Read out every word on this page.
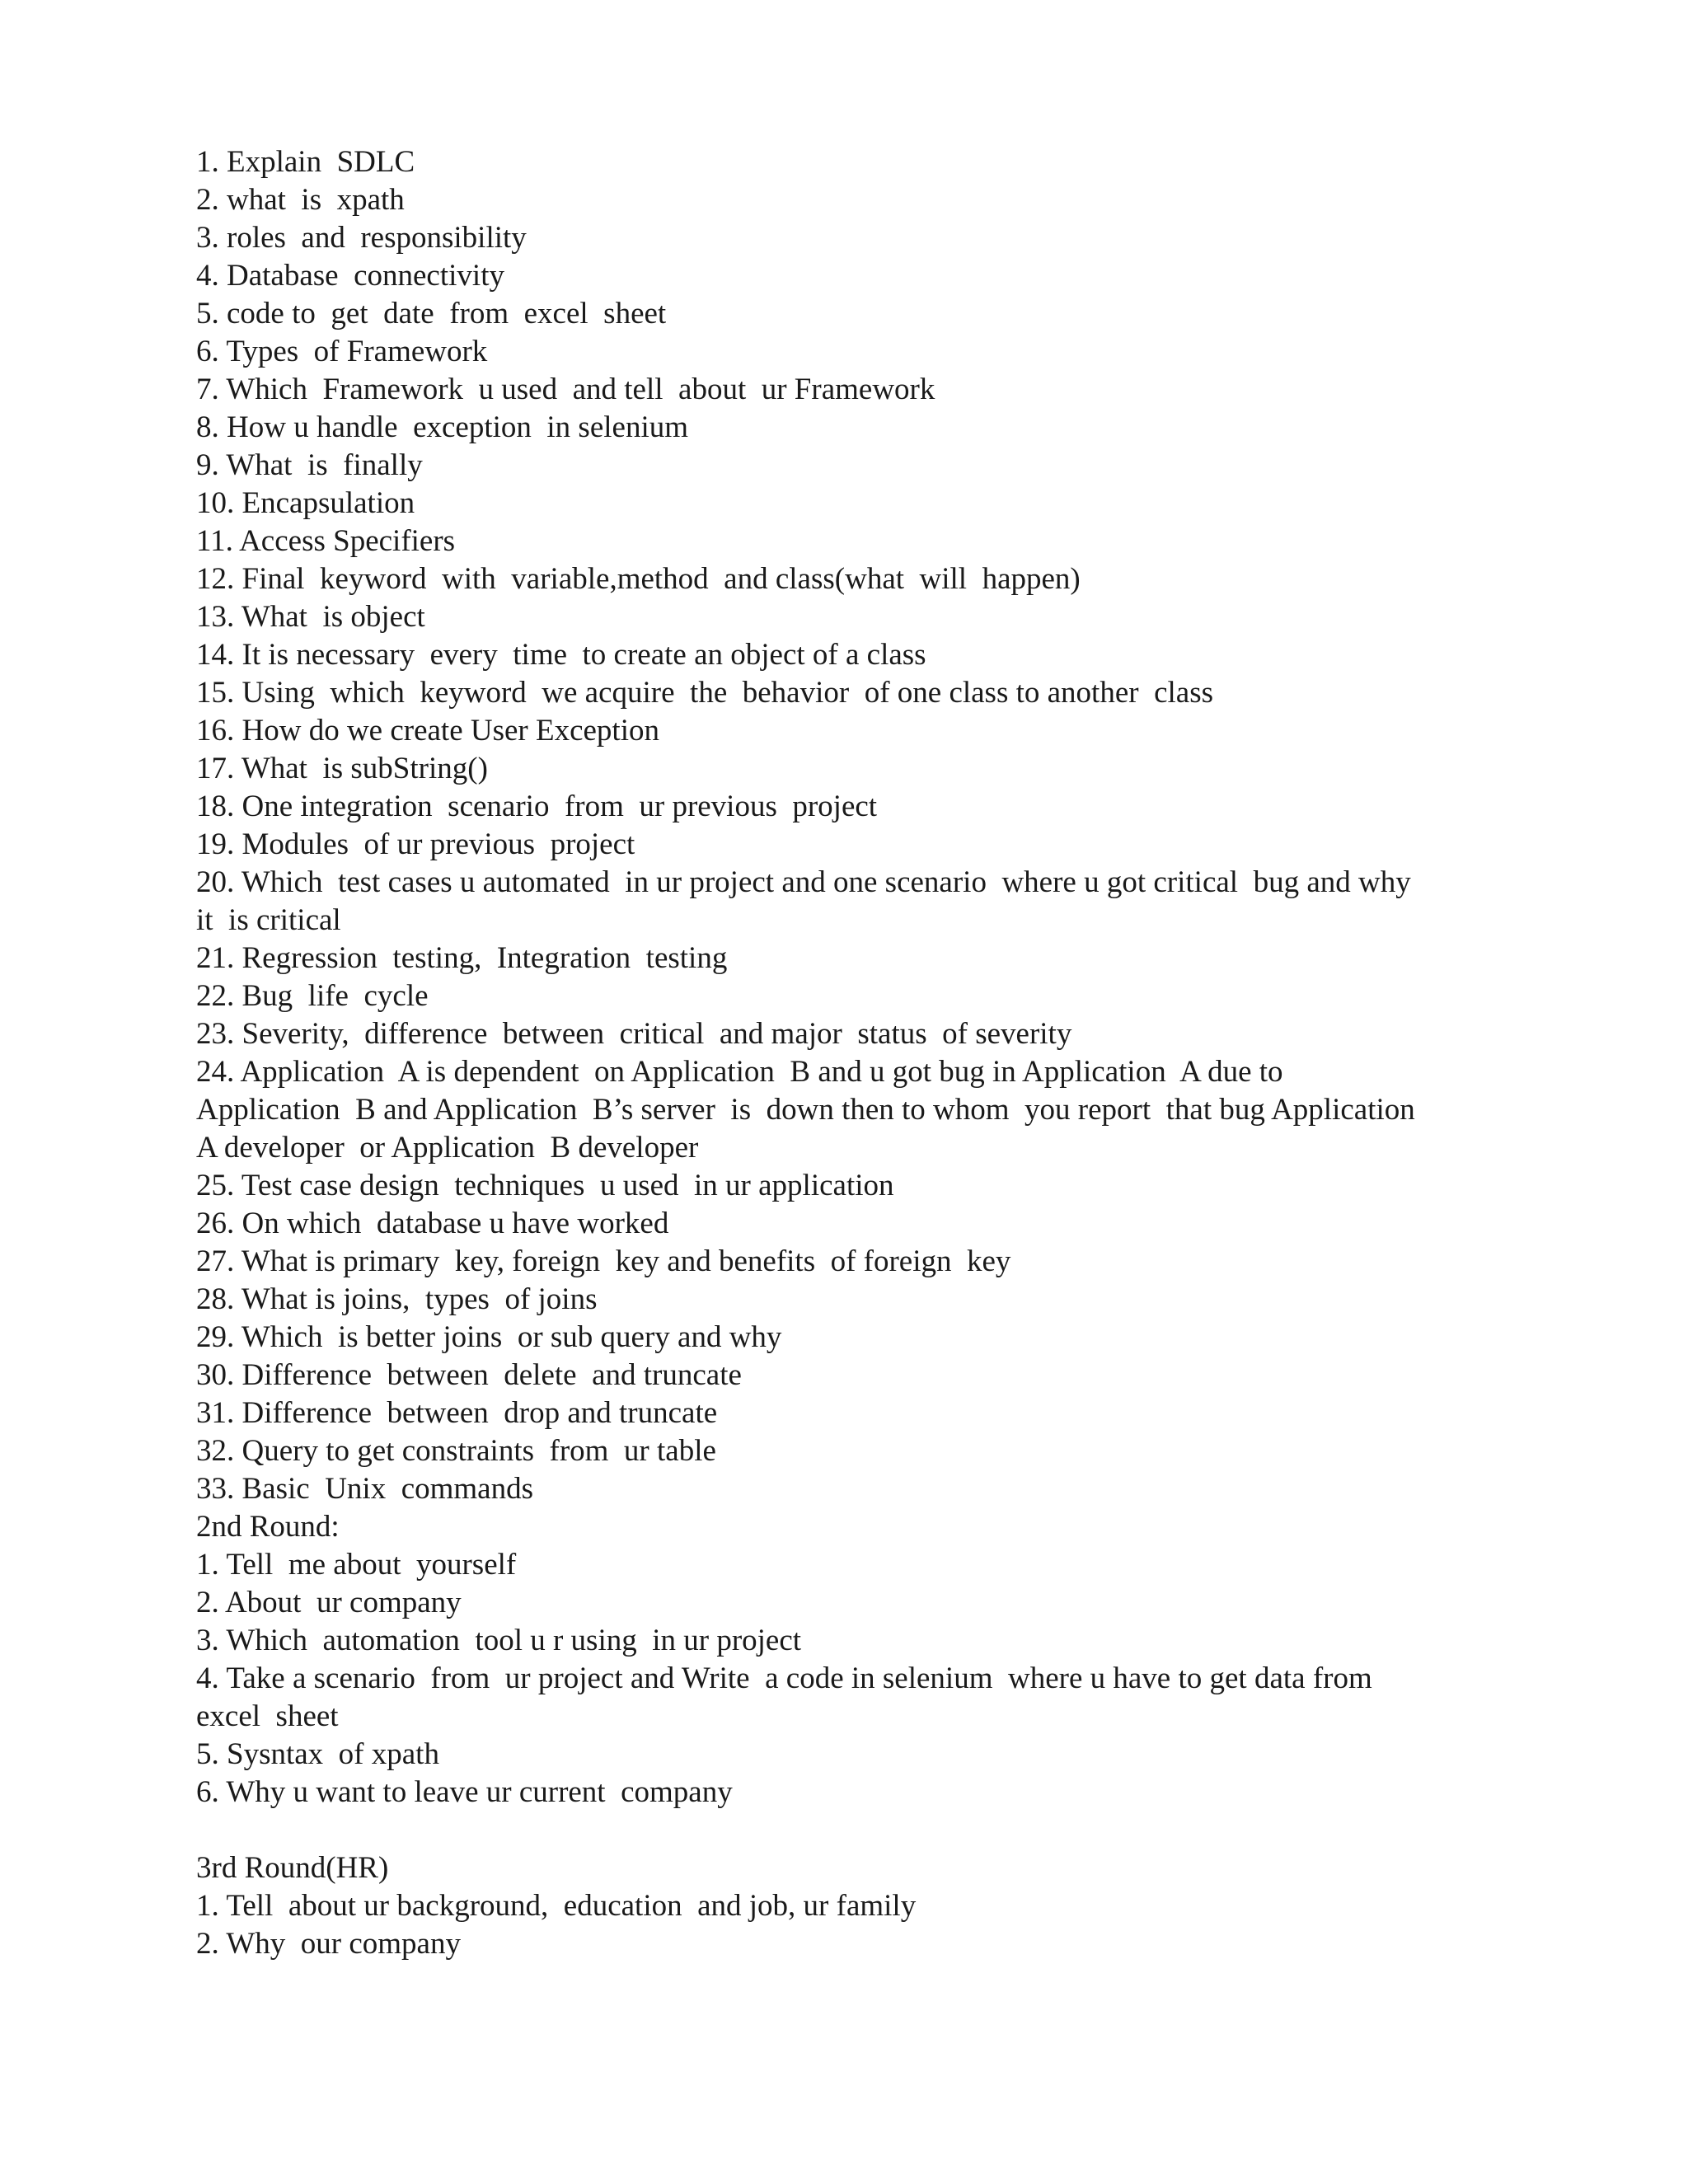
1. Explain  SDLC

2. what  is  xpath

3. roles  and  responsibility

4. Database  connectivity

5. code to  get  date  from  excel  sheet

6. Types  of Framework

7. Which  Framework  u used  and tell  about  ur Framework

8. How u handle  exception  in selenium

9. What  is  finally

10. Encapsulation

11. Access Specifiers

12. Final  keyword  with  variable,method  and class(what  will  happen)

13. What  is object

14. It is necessary  every  time  to create an object of a class

15. Using  which  keyword  we acquire  the  behavior  of one class to another  class

16. How do we create User Exception

17. What  is subString()

18. One integration  scenario  from  ur previous  project

19. Modules  of ur previous  project

20. Which  test cases u automated  in ur project and one scenario  where u got critical  bug and why

it  is critical

21. Regression  testing,  Integration  testing

22. Bug  life  cycle

23. Severity,  difference  between  critical  and major  status  of severity

24. Application  A is dependent  on Application  B and u got bug in Application  A due to

Application  B and Application  B’s server  is  down then to whom  you report  that bug Application

A developer  or Application  B developer

25. Test case design  techniques  u used  in ur application

26. On which  database u have worked

27. What is primary  key, foreign  key and benefits  of foreign  key

28. What is joins,  types  of joins

29. Which  is better joins  or sub query and why

30. Difference  between  delete  and truncate

31. Difference  between  drop and truncate

32. Query to get constraints  from  ur table

33. Basic  Unix  commands

2nd Round:

1. Tell  me about  yourself

2. About  ur company

3. Which  automation  tool u r using  in ur project

4. Take a scenario  from  ur project and Write  a code in selenium  where u have to get data from

excel  sheet

5. Sysntax  of xpath

6. Why u want to leave ur current  company

3rd Round(HR)

1. Tell  about ur background,  education  and job, ur family

2. Why  our company
